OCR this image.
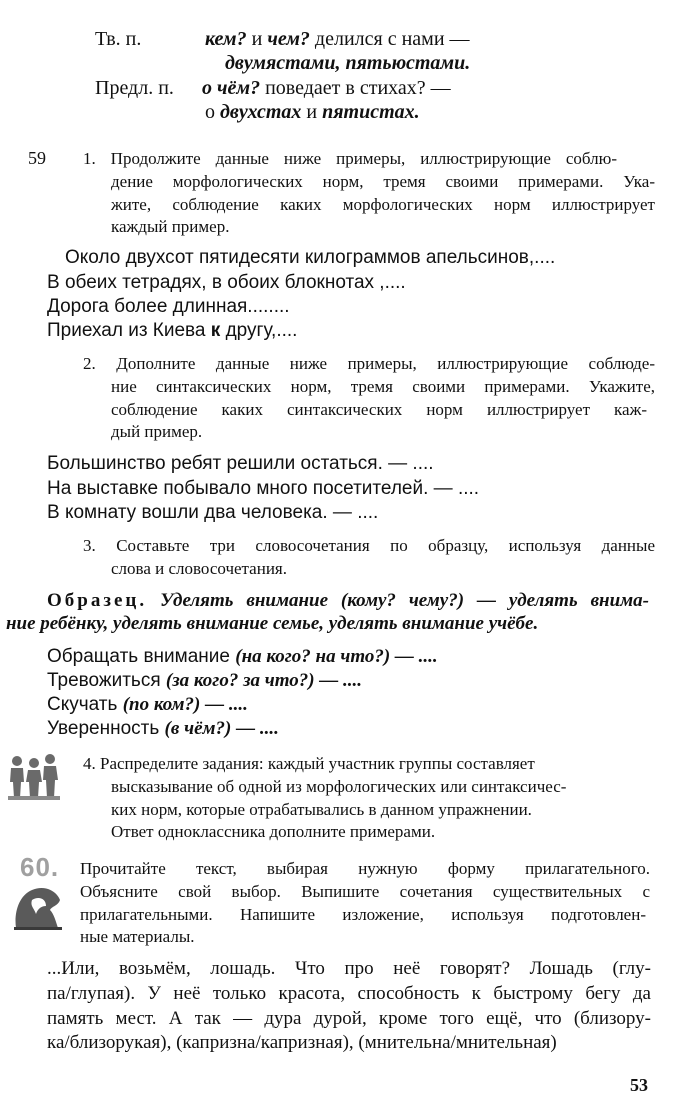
Тв. п.	кем? и чем? делился с нами —
двумястами, пятьюстами.
Предл. п. о чём? поведает в стихах? —
о двухстах и пятистах.
59 1. Продолжите данные ниже примеры, иллюстрирующие соблю-
дение морфологических норм, тремя своими примерами. Ука-
жите, соблюдение каких морфологических норм иллюстрирует
каждый пример.
Около двухсот пятидесяти килограммов апельсинов,....
В обеих тетрадях, в обоих блокнотах ,....
Дорога более длинная........
Приехал из Киева к другу,....
2. Дополните данные ниже примеры, иллюстрирующие соблюде-
ние синтаксических норм, тремя своими примерами. Укажите,
соблюдение каких синтаксических норм иллюстрирует каж-
дый пример.
Большинство ребят решили остаться. — ....
На выставке побывало много посетителей. — ....
В комнату вошли два человека. — ....
3. Составьте три словосочетания по образцу, используя данные
слова и словосочетания.
Образец. Уделять внимание (кому? чему?) — уделять внима-
ние ребёнку, уделять внимание семье, уделять внимание учёбе.
Обращать внимание (на кого? на что?) — ....
Тревожиться (за кого? за что?) — ....
Скучать (по ком?) — ....
Уверенность (в чём?) — ....
4. Распределите задания: каждый участник группы составляет
высказывание об одной из морфологических или синтаксичес-
ких норм, которые отрабатывались в данном упражнении.
Ответ одноклассника дополните примерами.
60. Прочитайте текст, выбирая нужную форму прилагательного.
Объясните свой выбор. Выпишите сочетания существительных с
прилагательными. Напишите изложение, используя подготовлен-
ные материалы.
...Или, возьмём, лошадь. Что про неё говорят? Лошадь (глу-
па/глупая). У неё только красота, способность к быстрому бегу да
память мест. А так — дура дурой, кроме того ещё, что (близору-
ка/близорукая), (капризна/капризная), (мнительна/мнительная)
53
